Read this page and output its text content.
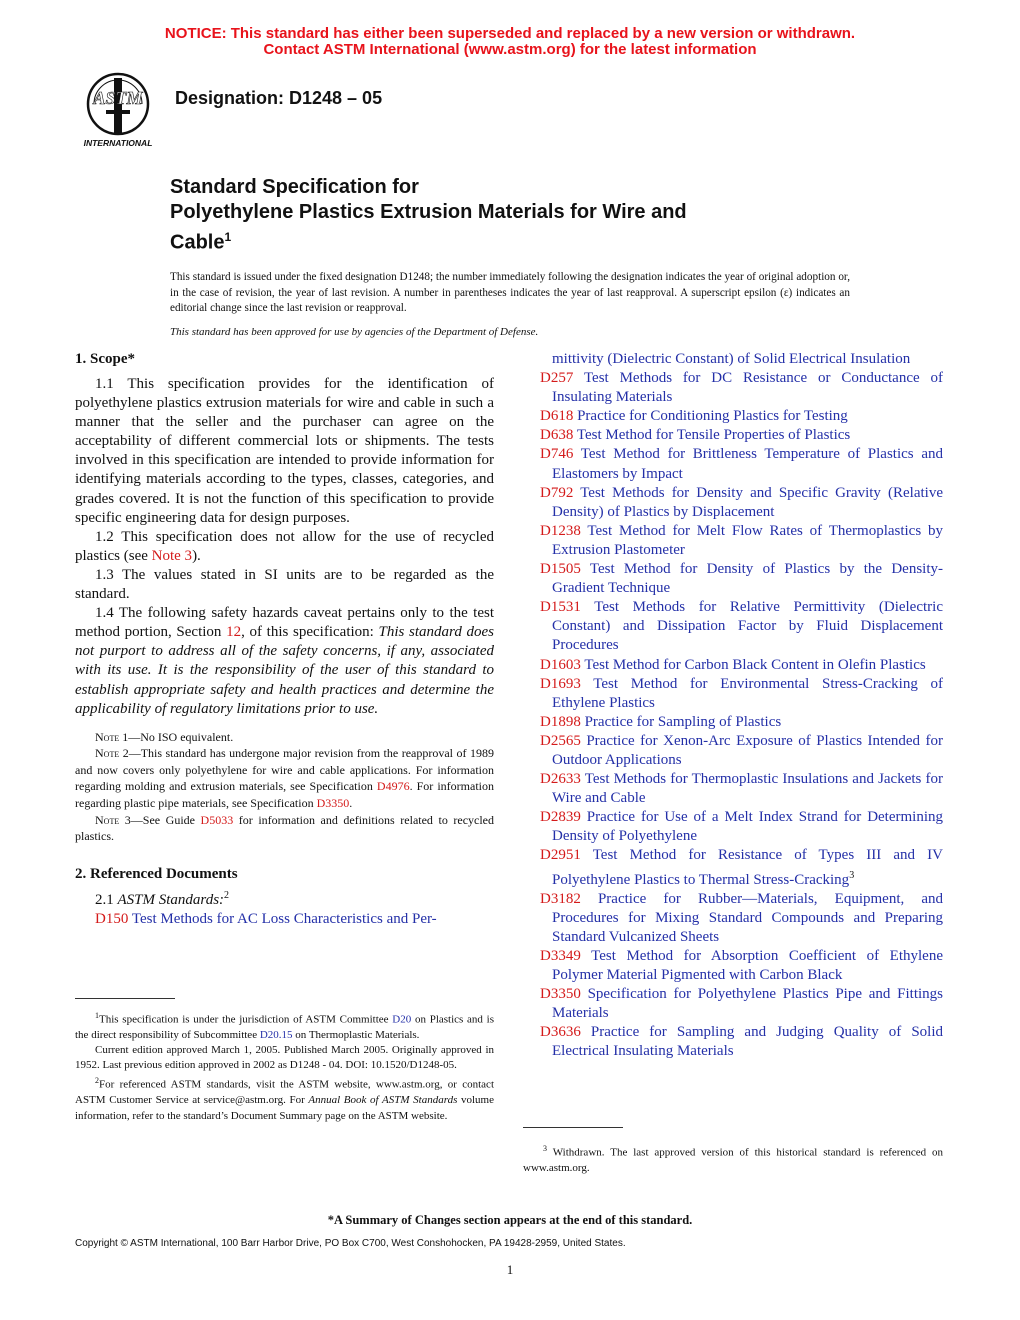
NOTICE: This standard has either been superseded and replaced by a new version or withdrawn.
Contact ASTM International (www.astm.org) for the latest information
ASTM
INTERNATIONAL
Designation: D1248 – 05
Standard Specification for
Polyethylene Plastics Extrusion Materials for Wire and
Cable$^1$
This standard is issued under the fixed designation D1248; the number immediately following the designation indicates the year of original adoption or, in the case of revision, the year of last revision. A number in parentheses indicates the year of last reapproval. A superscript epsilon (ε) indicates an editorial change since the last revision or reapproval.
This standard has been approved for use by agencies of the Department of Defense.
1. Scope*

1.1 This specification provides for the identification of polyethylene plastics extrusion materials for wire and cable in such a manner that the seller and the purchaser can agree on the acceptability of different commercial lots or shipments. The tests involved in this specification are intended to provide information for identifying materials according to the types, classes, categories, and grades covered. It is not the function of this specification to provide specific engineering data for design purposes.

1.2 This specification does not allow for the use of recycled plastics (see Note 3).

1.3 The values stated in SI units are to be regarded as the standard.

1.4 The following safety hazards caveat pertains only to the test method portion, Section 12, of this specification: This standard does not purport to address all of the safety concerns, if any, associated with its use. It is the responsibility of the user of this standard to establish appropriate safety and health practices and determine the applicability of regulatory limitations prior to use.

Note 1—No ISO equivalent.

Note 2—This standard has undergone major revision from the reapproval of 1989 and now covers only polyethylene for wire and cable applications. For information regarding molding and extrusion materials, see Specification D4976. For information regarding plastic pipe materials, see Specification D3350.

Note 3—See Guide D5033 for information and definitions related to recycled plastics.

2. Referenced Documents

2.1 ASTM Standards:$^2$

D150 Test Methods for AC Loss Characteristics and Per-

$^1$This specification is under the jurisdiction of ASTM Committee D20 on Plastics and is the direct responsibility of Subcommittee D20.15 on Thermoplastic Materials.

Current edition approved March 1, 2005. Published March 2005. Originally approved in 1952. Last previous edition approved in 2002 as D1248 - 04. DOI: 10.1520/D1248-05.

$^2$For referenced ASTM standards, visit the ASTM website, www.astm.org, or contact ASTM Customer Service at service@astm.org. For Annual Book of ASTM Standards volume information, refer to the standard’s Document Summary page on the ASTM website.

mittivity (Dielectric Constant) of Solid Electrical Insulation

D257 Test Methods for DC Resistance or Conductance of Insulating Materials

D618 Practice for Conditioning Plastics for Testing

D638 Test Method for Tensile Properties of Plastics

D746 Test Method for Brittleness Temperature of Plastics and Elastomers by Impact

D792 Test Methods for Density and Specific Gravity (Relative Density) of Plastics by Displacement

D1238 Test Method for Melt Flow Rates of Thermoplastics by Extrusion Plastometer

D1505 Test Method for Density of Plastics by the Density-Gradient Technique

D1531 Test Methods for Relative Permittivity (Dielectric Constant) and Dissipation Factor by Fluid Displacement Procedures

D1603 Test Method for Carbon Black Content in Olefin Plastics

D1693 Test Method for Environmental Stress-Cracking of Ethylene Plastics

D1898 Practice for Sampling of Plastics

D2565 Practice for Xenon-Arc Exposure of Plastics Intended for Outdoor Applications

D2633 Test Methods for Thermoplastic Insulations and Jackets for Wire and Cable

D2839 Practice for Use of a Melt Index Strand for Determining Density of Polyethylene

D2951 Test Method for Resistance of Types III and IV Polyethylene Plastics to Thermal Stress-Cracking$^3$

D3182 Practice for Rubber—Materials, Equipment, and Procedures for Mixing Standard Compounds and Preparing Standard Vulcanized Sheets

D3349 Test Method for Absorption Coefficient of Ethylene Polymer Material Pigmented with Carbon Black

D3350 Specification for Polyethylene Plastics Pipe and Fittings Materials

D3636 Practice for Sampling and Judging Quality of Solid Electrical Insulating Materials

$^3$ Withdrawn. The last approved version of this historical standard is referenced on www.astm.org.

*A Summary of Changes section appears at the end of this standard.
Copyright © ASTM International, 100 Barr Harbor Drive, PO Box C700, West Conshohocken, PA 19428-2959, United States.
1
